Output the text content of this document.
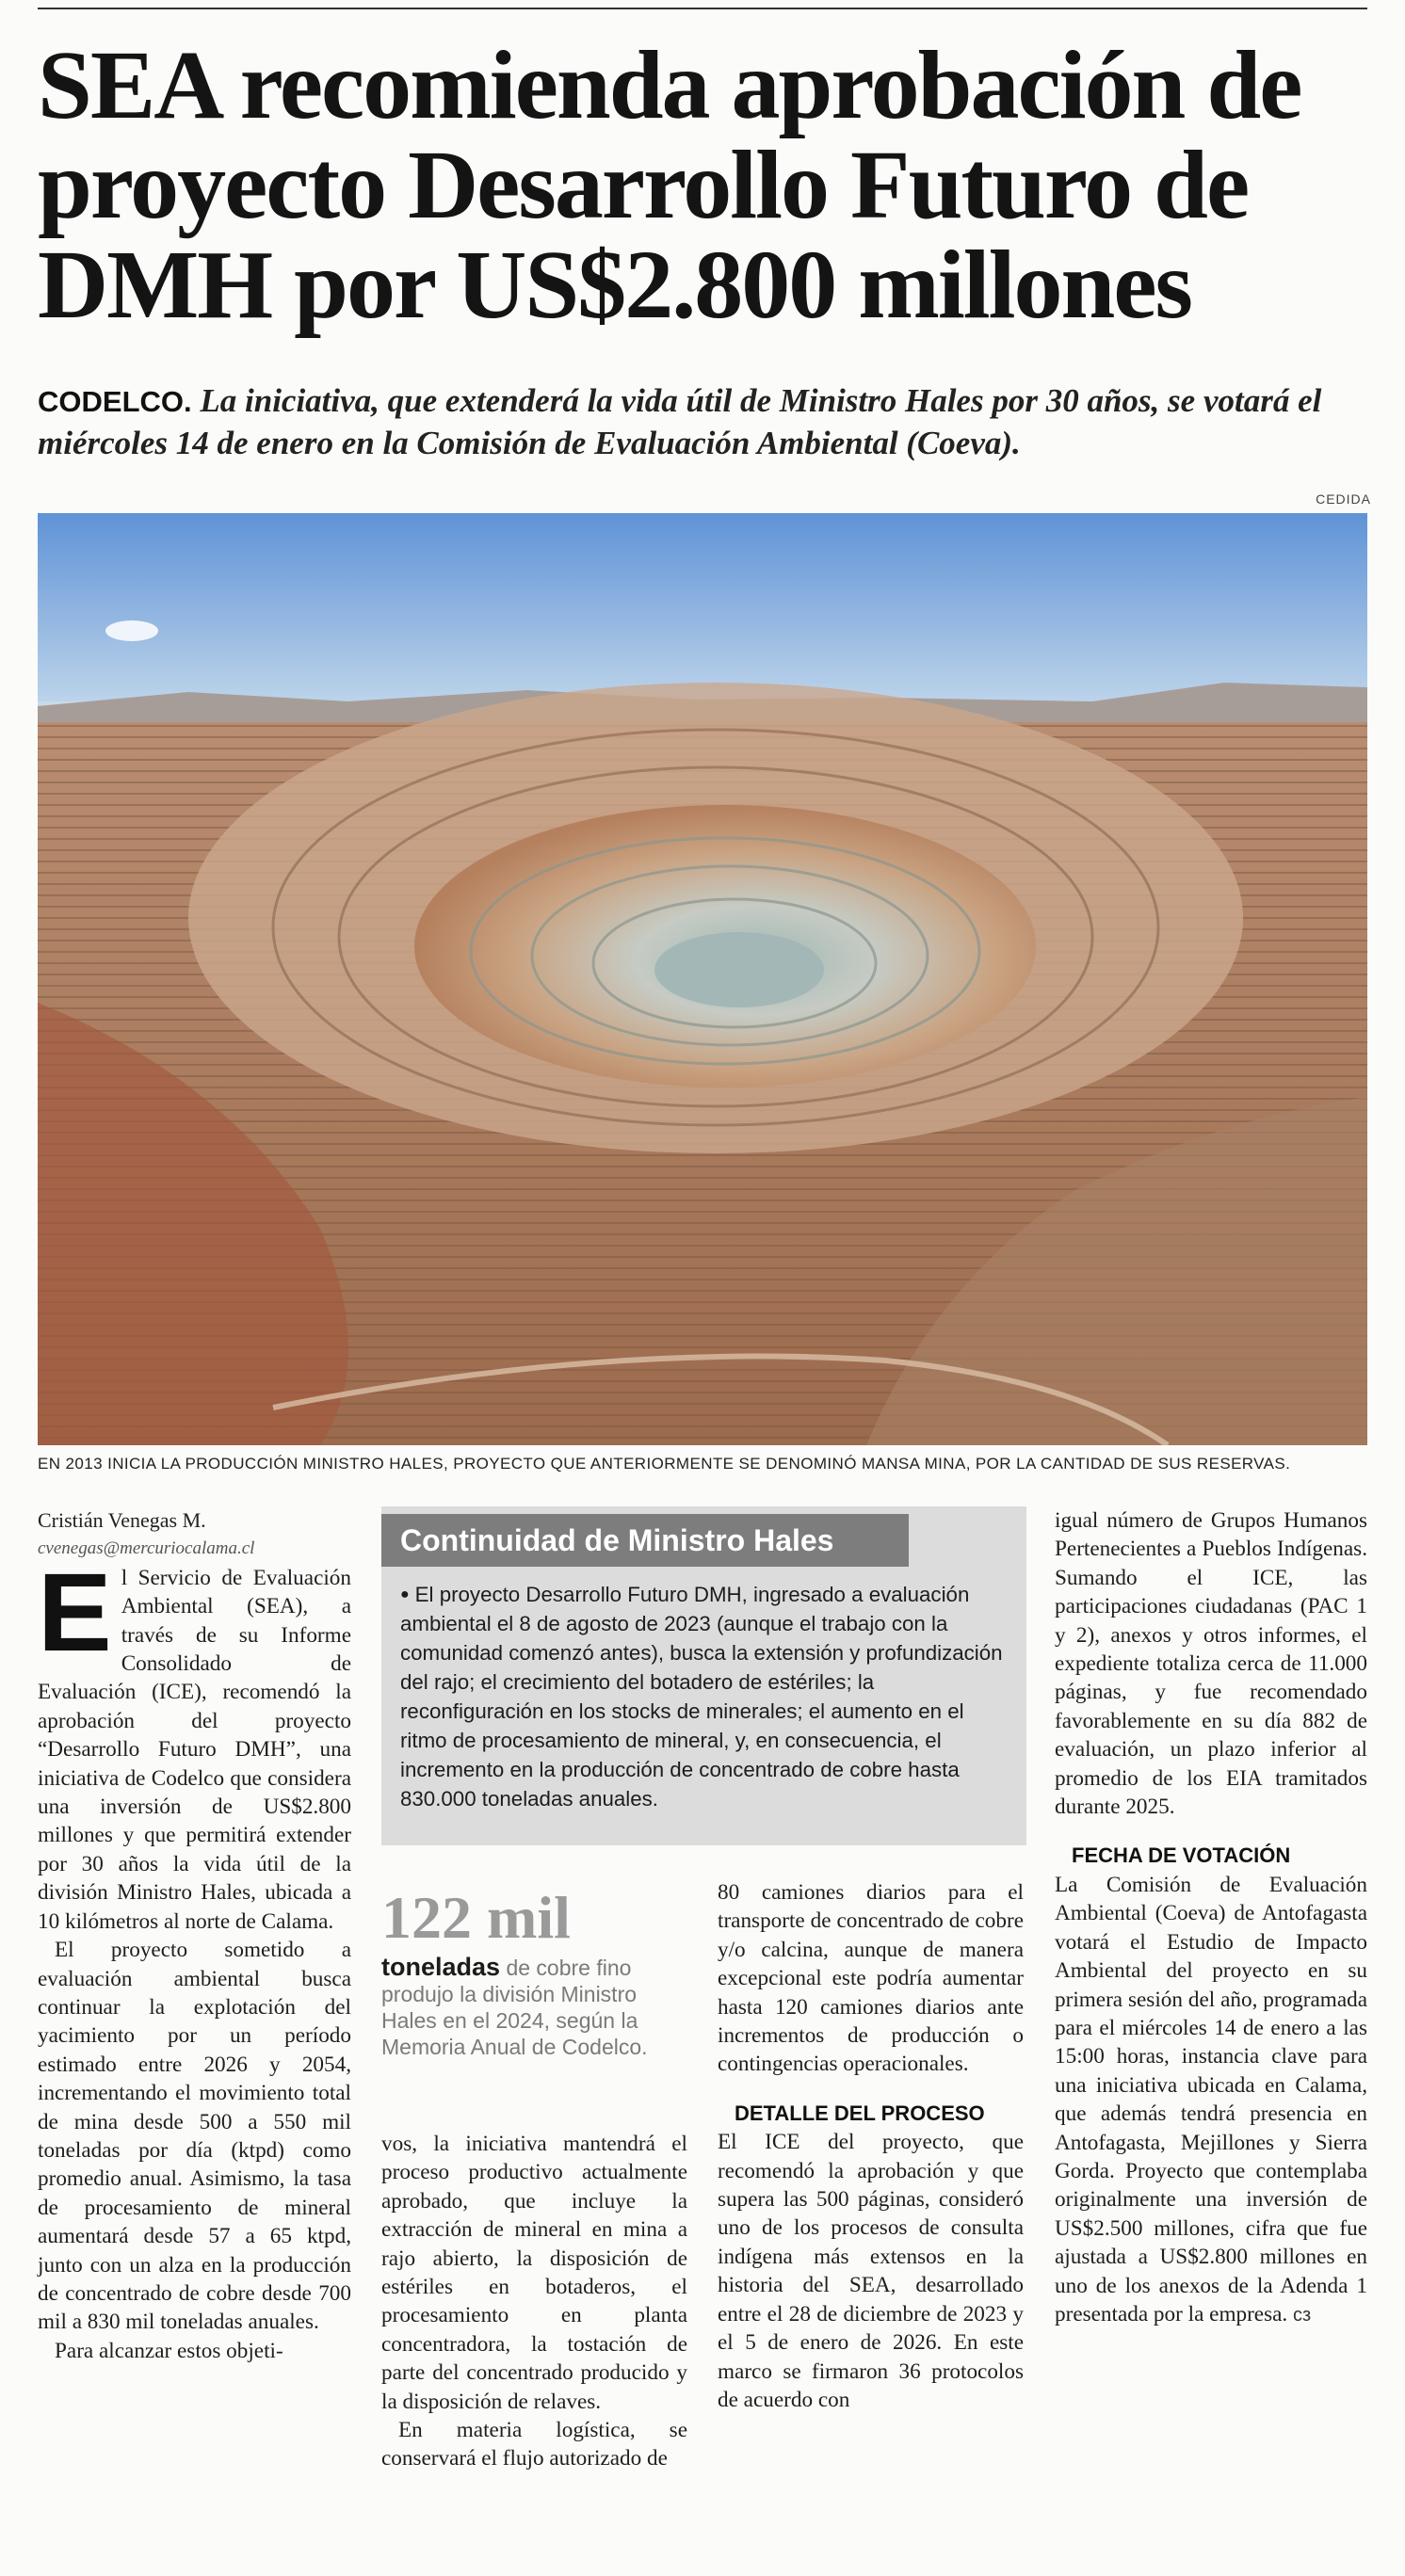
SEA recomienda aprobación de proyecto Desarrollo Futuro de DMH por US$2.800 millones
CODELCO. La iniciativa, que extenderá la vida útil de Ministro Hales por 30 años, se votará el miércoles 14 de enero en la Comisión de Evaluación Ambiental (Coeva).
CEDIDA
EN 2013 INICIA LA PRODUCCIÓN MINISTRO HALES, PROYECTO QUE ANTERIORMENTE SE DENOMINÓ MANSA MINA, POR LA CANTIDAD DE SUS RESERVAS.

Cristián Venegas M.

cvenegas@mercuriocalama.cl

El Servicio de Evaluación Ambiental (SEA), a través de su Informe Consolidado de Evaluación (ICE), recomendó la aprobación del proyecto “Desarrollo Futuro DMH”, una iniciativa de Codelco que considera una inversión de US$2.800 millones y que permitirá extender por 30 años la vida útil de la división Ministro Hales, ubicada a 10 kilómetros al norte de Calama.

El proyecto sometido a evaluación ambiental busca continuar la explotación del yacimiento por un período estimado entre 2026 y 2054, incrementando el movimiento total de mina desde 500 a 550 mil toneladas por día (ktpd) como promedio anual. Asimismo, la tasa de procesamiento de mineral aumentará desde 57 a 65 ktpd, junto con un alza en la producción de concentrado de cobre desde 700 mil a 830 mil toneladas anuales.

Para alcanzar estos objeti-

Continuidad de Ministro Hales
● El proyecto Desarrollo Futuro DMH, ingresado a evaluación ambiental el 8 de agosto de 2023 (aunque el trabajo con la comunidad comenzó antes), busca la extensión y profundización del rajo; el crecimiento del botadero de estériles; la reconfiguración en los stocks de minerales; el aumento en el ritmo de procesamiento de mineral, y, en consecuencia, el incremento en la producción de concentrado de cobre hasta 830.000 toneladas anuales.
122 mil
toneladas de cobre fino produjo la división Ministro Hales en el 2024, según la Memoria Anual de Codelco.

vos, la iniciativa mantendrá el proceso productivo actualmente aprobado, que incluye la extracción de mineral en mina a rajo abierto, la disposición de estériles en botaderos, el procesamiento en planta concentradora, la tostación de parte del concentrado producido y la disposición de relaves.

En materia logística, se conservará el flujo autorizado de

80 camiones diarios para el transporte de concentrado de cobre y/o calcina, aunque de manera excepcional este podría aumentar hasta 120 camiones diarios ante incrementos de producción o contingencias operacionales.

DETALLE DEL PROCESO

El ICE del proyecto, que recomendó la aprobación y que supera las 500 páginas, consideró uno de los procesos de consulta indígena más extensos en la historia del SEA, desarrollado entre el 28 de diciembre de 2023 y el 5 de enero de 2026. En este marco se firmaron 36 protocolos de acuerdo con

igual número de Grupos Humanos Pertenecientes a Pueblos Indígenas. Sumando el ICE, las participaciones ciudadanas (PAC 1 y 2), anexos y otros informes, el expediente totaliza cerca de 11.000 páginas, y fue recomendado favorablemente en su día 882 de evaluación, un plazo inferior al promedio de los EIA tramitados durante 2025.

FECHA DE VOTACIÓN

La Comisión de Evaluación Ambiental (Coeva) de Antofagasta votará el Estudio de Impacto Ambiental del proyecto en su primera sesión del año, programada para el miércoles 14 de enero a las 15:00 horas, instancia clave para una iniciativa ubicada en Calama, que además tendrá presencia en Antofagasta, Mejillones y Sierra Gorda. Proyecto que contemplaba originalmente una inversión de US$2.500 millones, cifra que fue ajustada a US$2.800 millones en uno de los anexos de la Adenda 1 presentada por la empresa. cз
